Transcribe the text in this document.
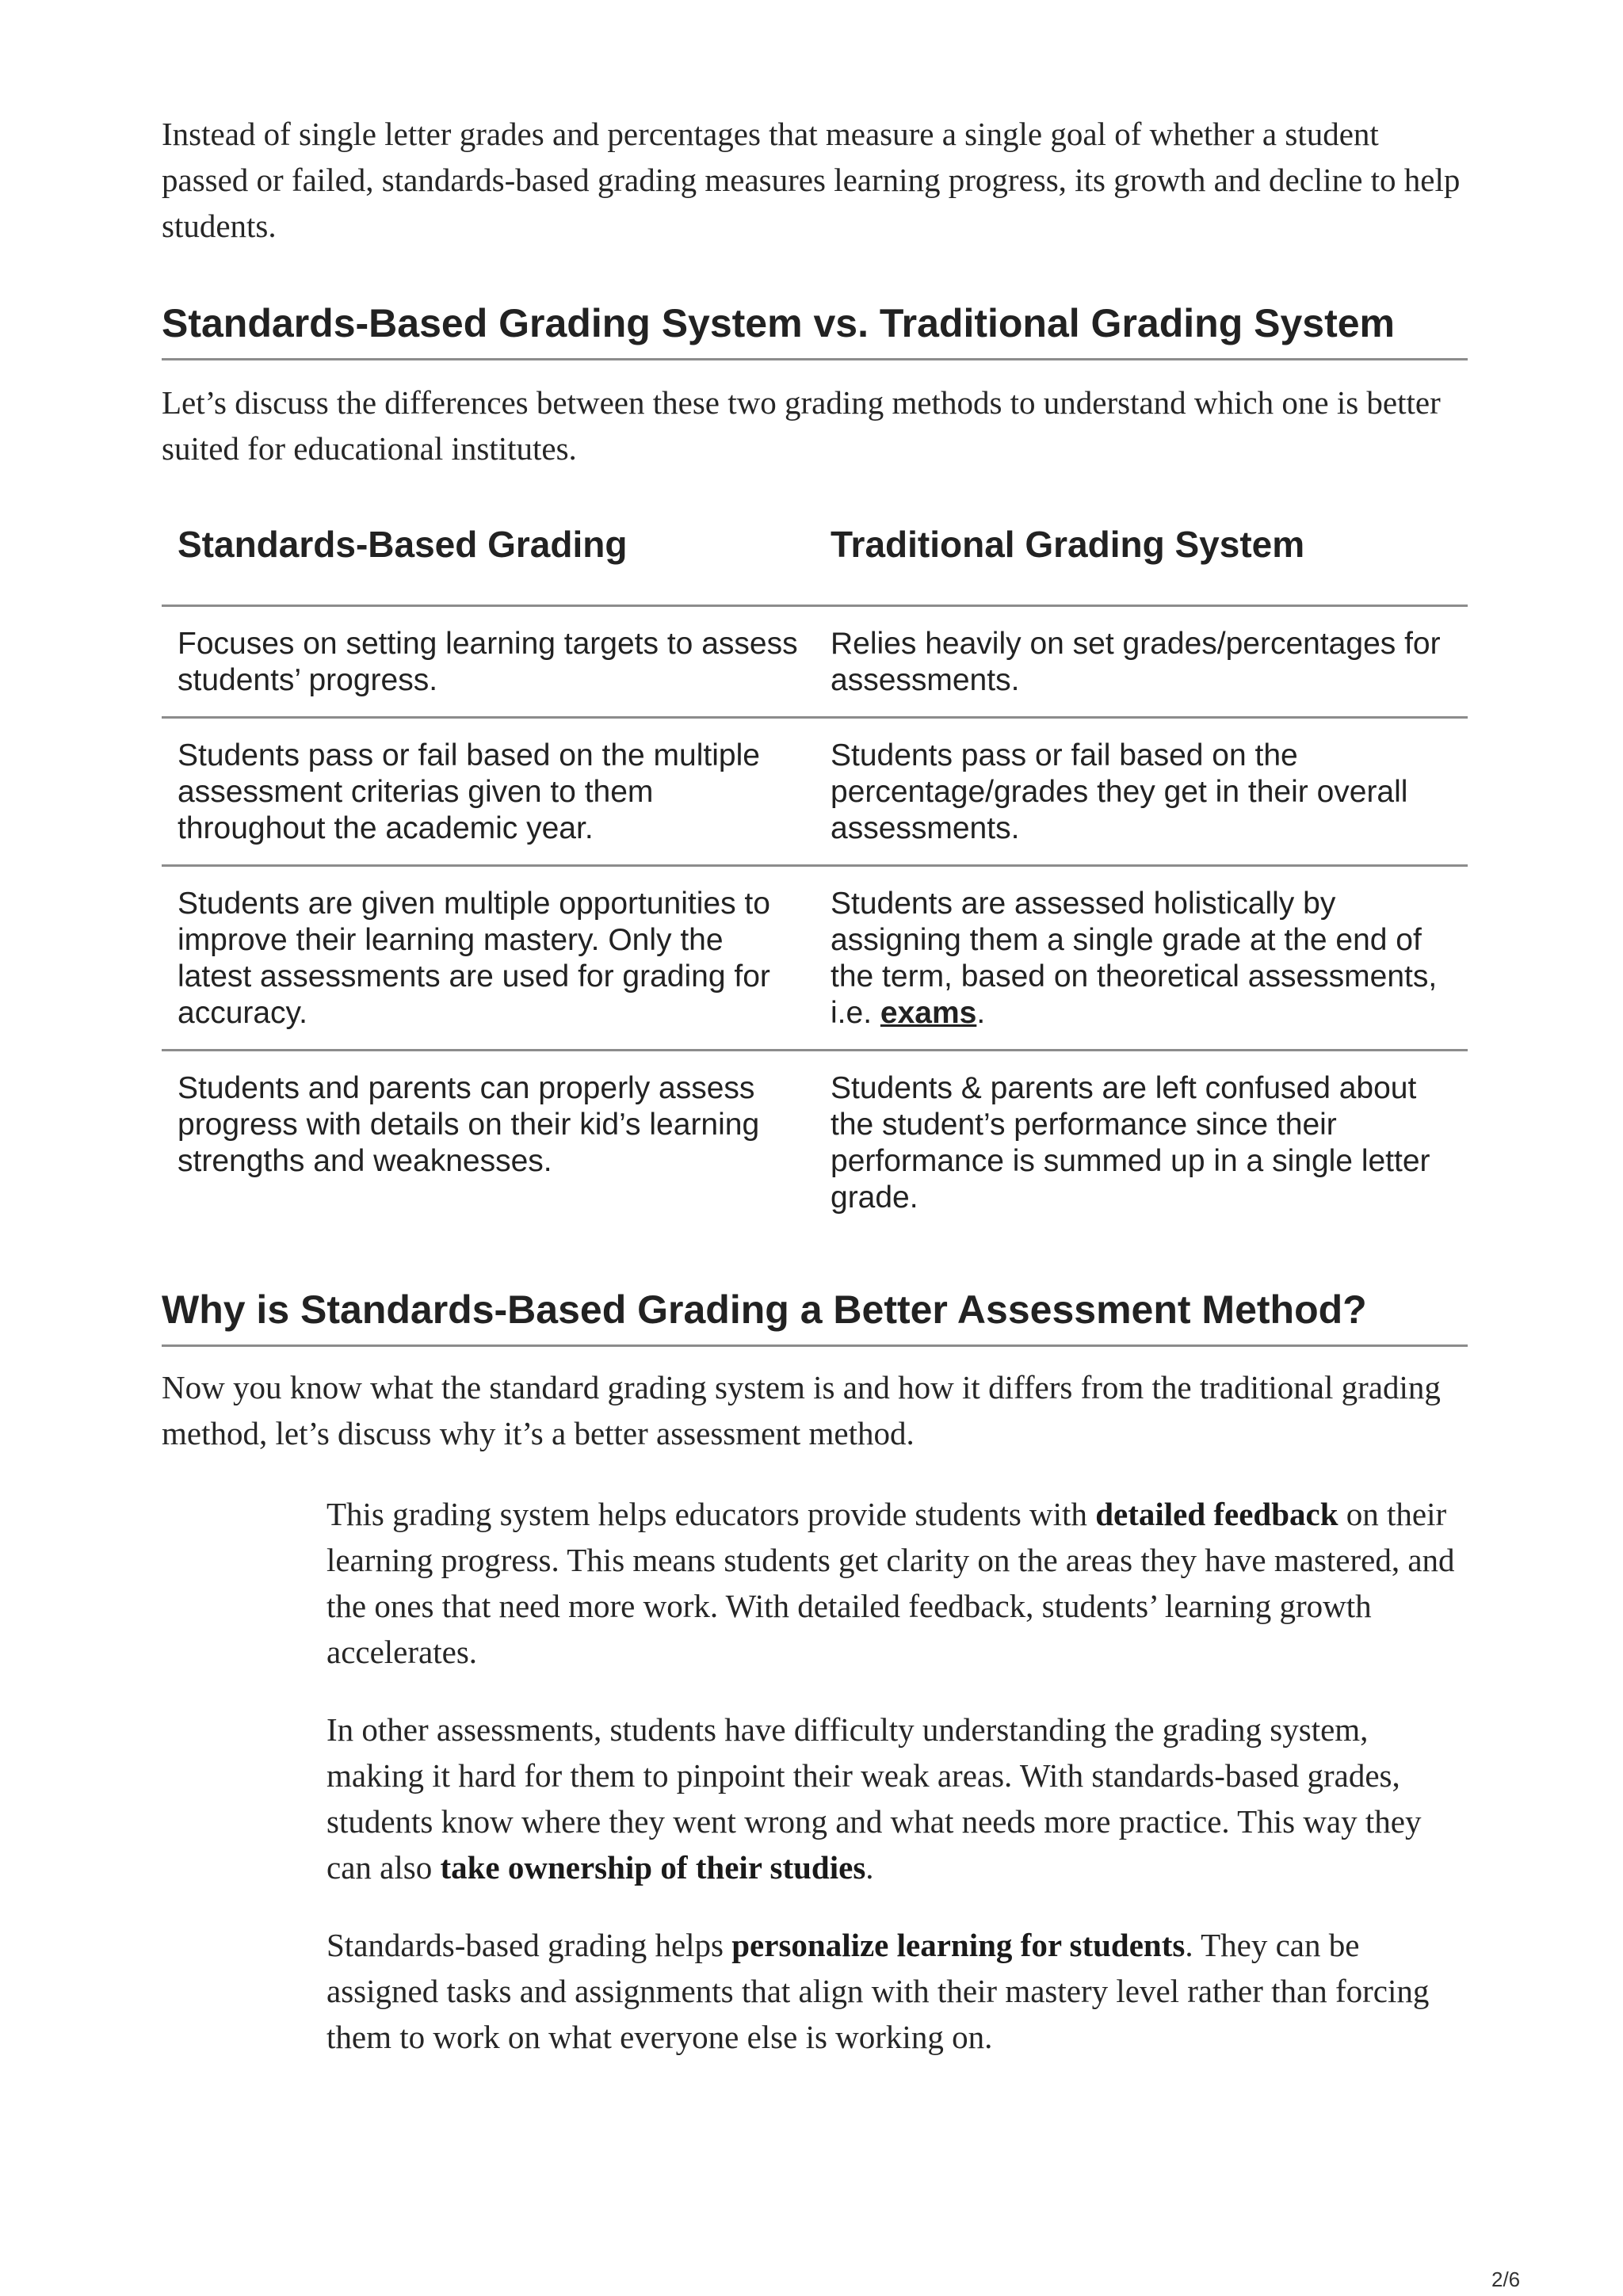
Instead of single letter grades and percentages that measure a single goal of whether a student passed or failed, standards-based grading measures learning progress, its growth and decline to help students.

Standards-Based Grading System vs. Traditional Grading System

Let’s discuss the differences between these two grading methods to understand which one is better suited for educational institutes.

Standards-Based Grading	Traditional Grading System
Focuses on setting learning targets to assess students’ progress.	Relies heavily on set grades/percentages for assessments.
Students pass or fail based on the multiple assessment criterias given to them throughout the academic year.	Students pass or fail based on the percentage/grades they get in their overall assessments.
Students are given multiple opportunities to improve their learning mastery. Only the latest assessments are used for grading for accuracy.	Students are assessed holistically by assigning them a single grade at the end of the term, based on theoretical assessments, i.e. exams.
Students and parents can properly assess progress with details on their kid’s learning strengths and weaknesses.	Students & parents are left confused about the student’s performance since their performance is summed up in a single letter grade.
Why is Standards-Based Grading a Better Assessment Method?

Now you know what the standard grading system is and how it differs from the traditional grading method, let’s discuss why it’s a better assessment method.

This grading system helps educators provide students with detailed feedback on their learning progress. This means students get clarity on the areas they have mastered, and the ones that need more work. With detailed feedback, students’ learning growth accelerates.

In other assessments, students have difficulty understanding the grading system, making it hard for them to pinpoint their weak areas. With standards-based grades, students know where they went wrong and what needs more practice. This way they can also take ownership of their studies.

Standards-based grading helps personalize learning for students. They can be assigned tasks and assignments that align with their mastery level rather than forcing them to work on what everyone else is working on.

2/6
